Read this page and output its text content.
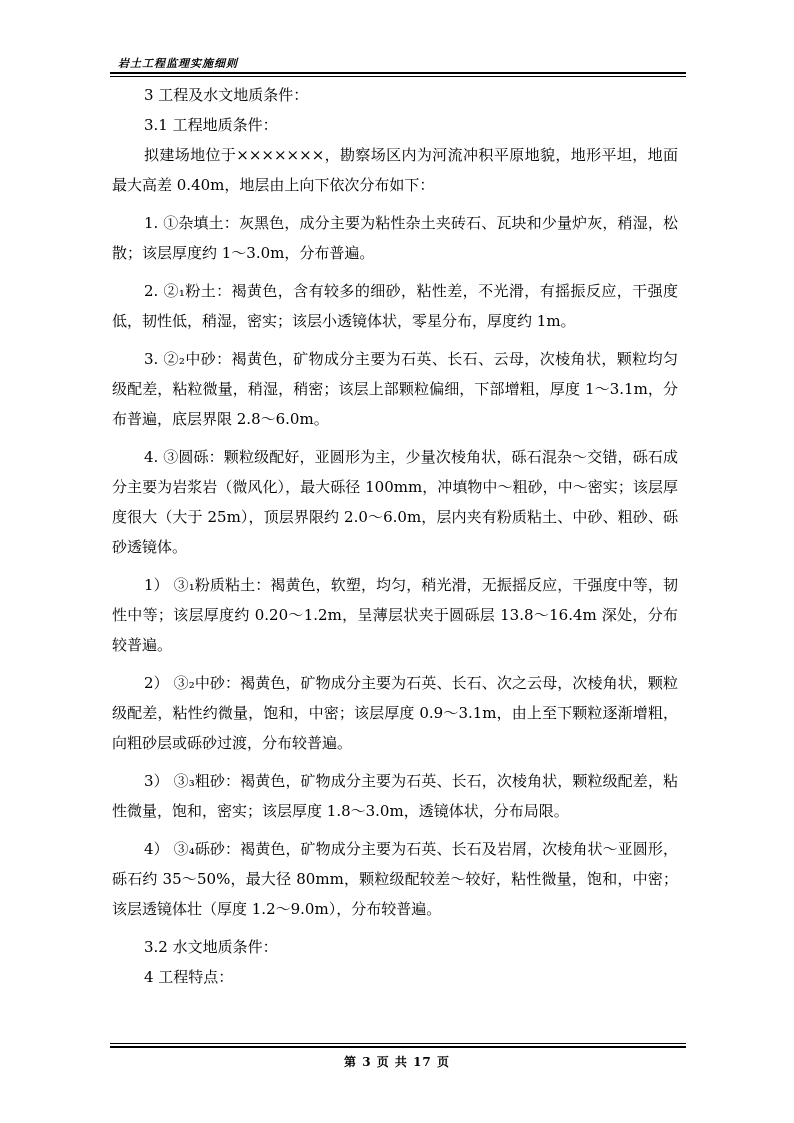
岩土工程监理实施细则

3 工程及水文地质条件：

3.1 工程地质条件：

拟建场地位于×××××××，勘察场区内为河流冲积平原地貌，地形平坦，地面最大高差 0.40m，地层由上向下依次分布如下：

1. ①杂填土：灰黑色，成分主要为粘性杂土夹砖石、瓦块和少量炉灰，稍湿，松散；该层厚度约 1～3.0m，分布普遍。

2. ②₁粉土：褐黄色，含有较多的细砂，粘性差，不光滑，有摇振反应，干强度低，韧性低，稍湿，密实；该层小透镜体状，零星分布，厚度约 1m。

3. ②₂中砂：褐黄色，矿物成分主要为石英、长石、云母，次棱角状，颗粒均匀级配差，粘粒微量，稍湿，稍密；该层上部颗粒偏细，下部增粗，厚度 1～3.1m，分布普遍，底层界限 2.8～6.0m。

4. ③圆砾：颗粒级配好，亚圆形为主，少量次棱角状，砾石混杂～交错，砾石成分主要为岩浆岩（微风化），最大砾径 100mm，冲填物中～粗砂，中～密实；该层厚度很大（大于 25m），顶层界限约 2.0～6.0m，层内夹有粉质粘土、中砂、粗砂、砾砂透镜体。

1） ③₁粉质粘土：褐黄色，软塑，均匀，稍光滑，无振摇反应，干强度中等，韧性中等；该层厚度约 0.20～1.2m，呈薄层状夹于圆砾层 13.8～16.4m 深处，分布较普遍。

2） ③₂中砂：褐黄色，矿物成分主要为石英、长石、次之云母，次棱角状，颗粒级配差，粘性约微量，饱和，中密；该层厚度 0.9～3.1m，由上至下颗粒逐渐增粗，向粗砂层或砾砂过渡，分布较普遍。

3） ③₃粗砂：褐黄色，矿物成分主要为石英、长石，次棱角状，颗粒级配差，粘性微量，饱和，密实；该层厚度 1.8～3.0m，透镜体状，分布局限。

4） ③₄砾砂：褐黄色，矿物成分主要为石英、长石及岩屑，次棱角状～亚圆形，砾石约 35～50%，最大径 80mm，颗粒级配较差～较好，粘性微量，饱和，中密；该层透镜体壮（厚度 1.2～9.0m），分布较普遍。

3.2 水文地质条件：

4 工程特点：

第 3 页 共 17 页
